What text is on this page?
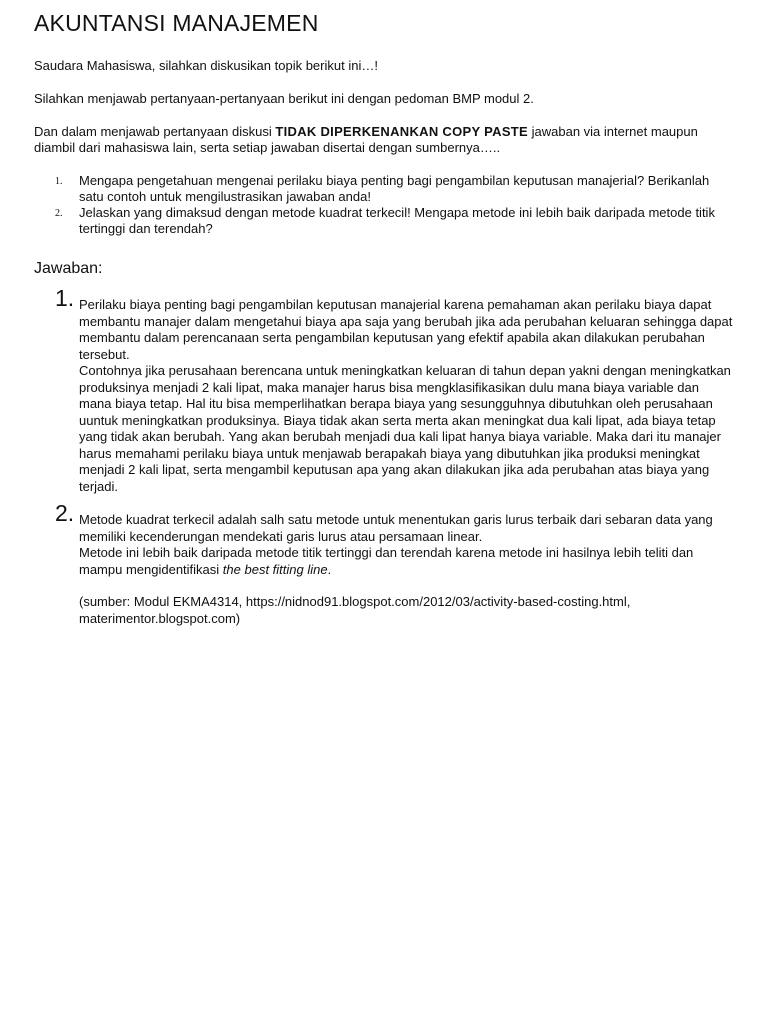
AKUNTANSI MANAJEMEN

Saudara Mahasiswa, silahkan diskusikan topik berikut ini…!

Silahkan menjawab pertanyaan-pertanyaan berikut ini dengan pedoman BMP modul 2.

Dan dalam menjawab pertanyaan diskusi TIDAK DIPERKENANKAN COPY PASTE jawaban via internet maupun diambil dari mahasiswa lain, serta setiap jawaban disertai dengan sumbernya…..

1. Mengapa pengetahuan mengenai perilaku biaya penting bagi pengambilan keputusan manajerial? Berikanlah satu contoh untuk mengilustrasikan jawaban anda!
2. Jelaskan yang dimaksud dengan metode kuadrat terkecil! Mengapa metode ini lebih baik daripada metode titik tertinggi dan terendah?
Jawaban:
1. Perilaku biaya penting bagi pengambilan keputusan manajerial karena pemahaman akan perilaku biaya dapat membantu manajer dalam mengetahui biaya apa saja yang berubah jika ada perubahan keluaran sehingga dapat membantu dalam perencanaan serta pengambilan keputusan yang efektif apabila akan dilakukan perubahan tersebut.
Contohnya jika perusahaan berencana untuk meningkatkan keluaran di tahun depan yakni dengan meningkatkan produksinya menjadi 2 kali lipat, maka manajer harus bisa mengklasifikasikan dulu mana biaya variable dan mana biaya tetap. Hal itu bisa memperlihatkan berapa biaya yang sesungguhnya dibutuhkan oleh perusahaan uuntuk meningkatkan produksinya. Biaya tidak akan serta merta akan meningkat dua kali lipat, ada biaya tetap yang tidak akan berubah. Yang akan berubah menjadi dua kali lipat hanya biaya variable. Maka dari itu manajer harus memahami perilaku biaya untuk menjawab berapakah biaya yang dibutuhkan jika produksi meningkat menjadi 2 kali lipat, serta mengambil keputusan apa yang akan dilakukan jika ada perubahan atas biaya yang terjadi.
2. Metode kuadrat terkecil adalah salh satu metode untuk menentukan garis lurus terbaik dari sebaran data yang memiliki kecenderungan mendekati garis lurus atau persamaan linear.
Metode ini lebih baik daripada metode titik tertinggi dan terendah karena metode ini hasilnya lebih teliti dan mampu mengidentifikasi the best fitting line.
(sumber: Modul EKMA4314, https://nidnod91.blogspot.com/2012/03/activity-based-costing.html, materimentor.blogspot.com)
